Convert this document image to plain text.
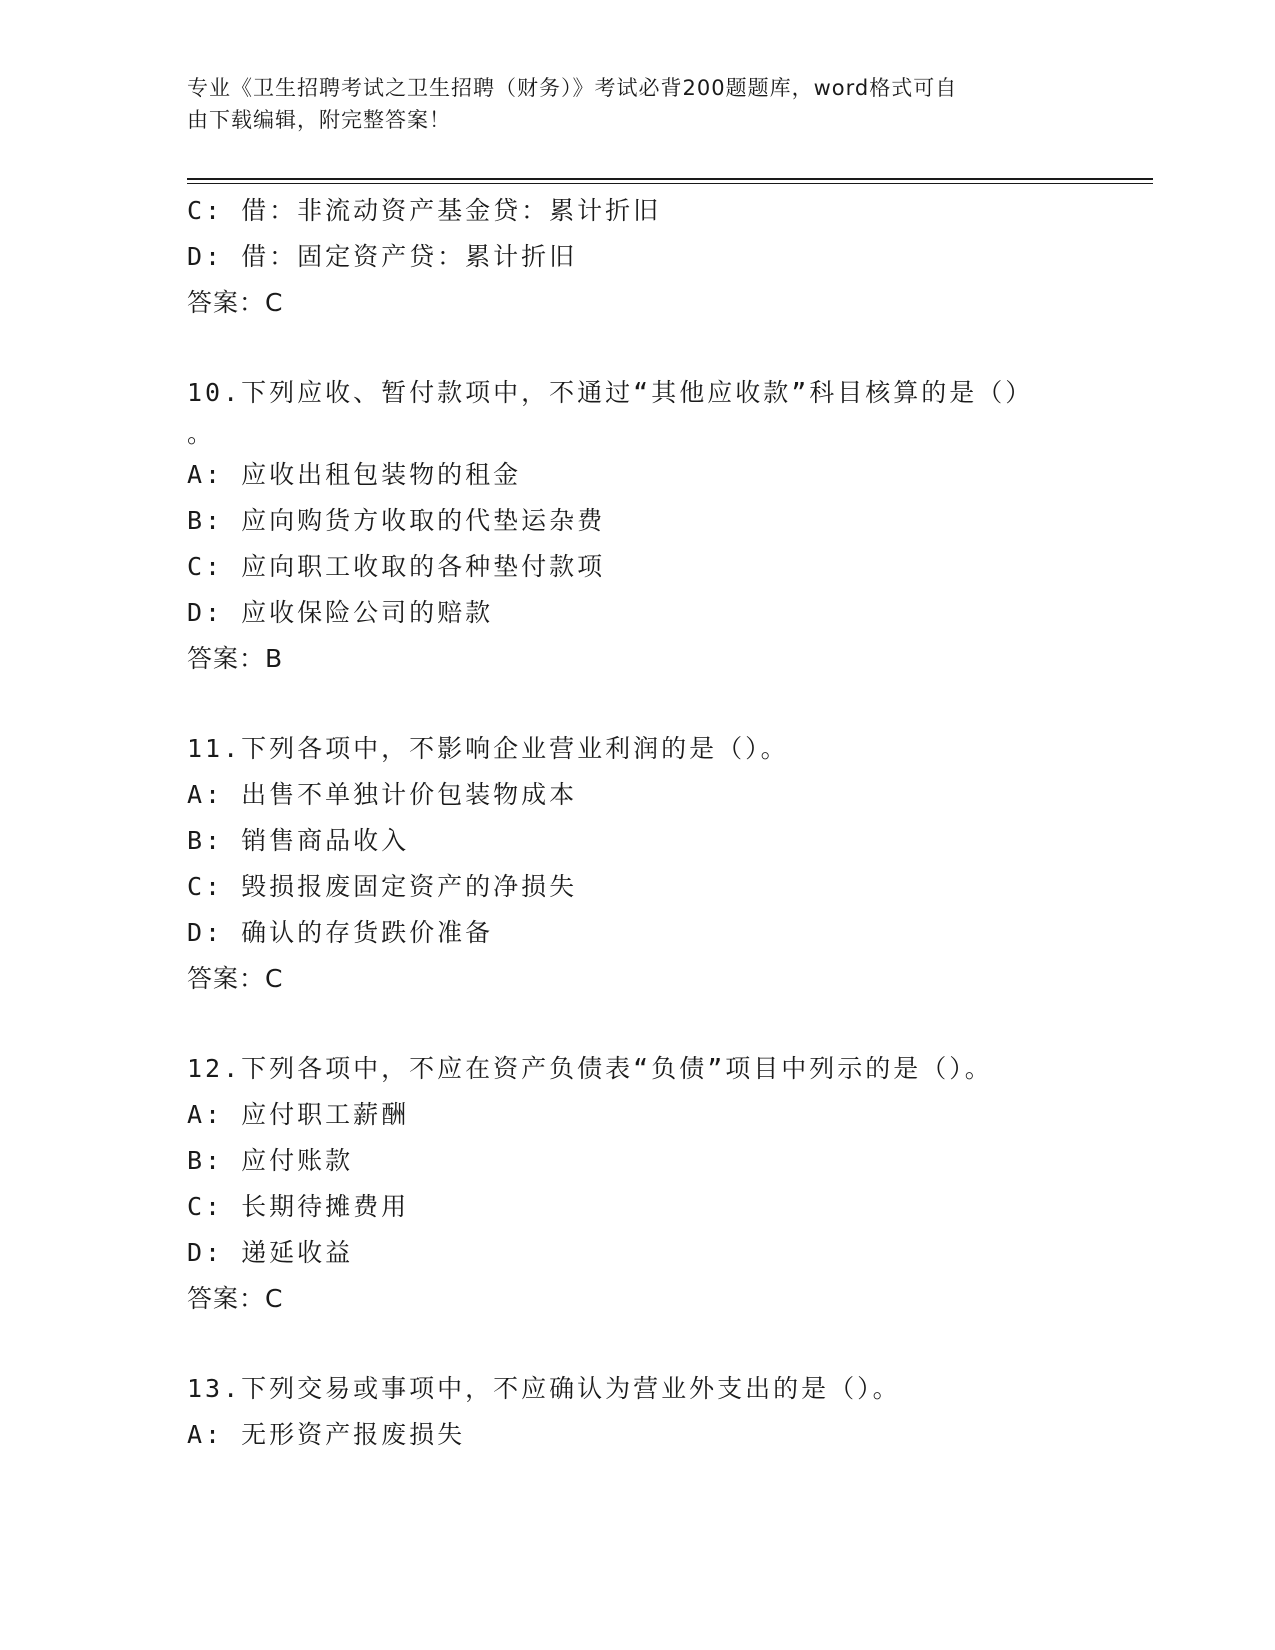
专业《卫生招聘考试之卫生招聘（财务）》考试必背200题题库，word格式可自
由下载编辑，附完整答案！
C: 借：非流动资产基金贷：累计折旧
D: 借：固定资产贷：累计折旧
答案：C
10.下列应收、暂付款项中，不通过“其他应收款”科目核算的是（）
。
A: 应收出租包装物的租金
B: 应向购货方收取的代垫运杂费
C: 应向职工收取的各种垫付款项
D: 应收保险公司的赔款
答案：B
11.下列各项中，不影响企业营业利润的是（）。
A: 出售不单独计价包装物成本
B: 销售商品收入
C: 毁损报废固定资产的净损失
D: 确认的存货跌价准备
答案：C
12.下列各项中，不应在资产负债表“负债”项目中列示的是（）。
A: 应付职工薪酬
B: 应付账款
C: 长期待摊费用
D: 递延收益
答案：C
13.下列交易或事项中，不应确认为营业外支出的是（）。
A: 无形资产报废损失
